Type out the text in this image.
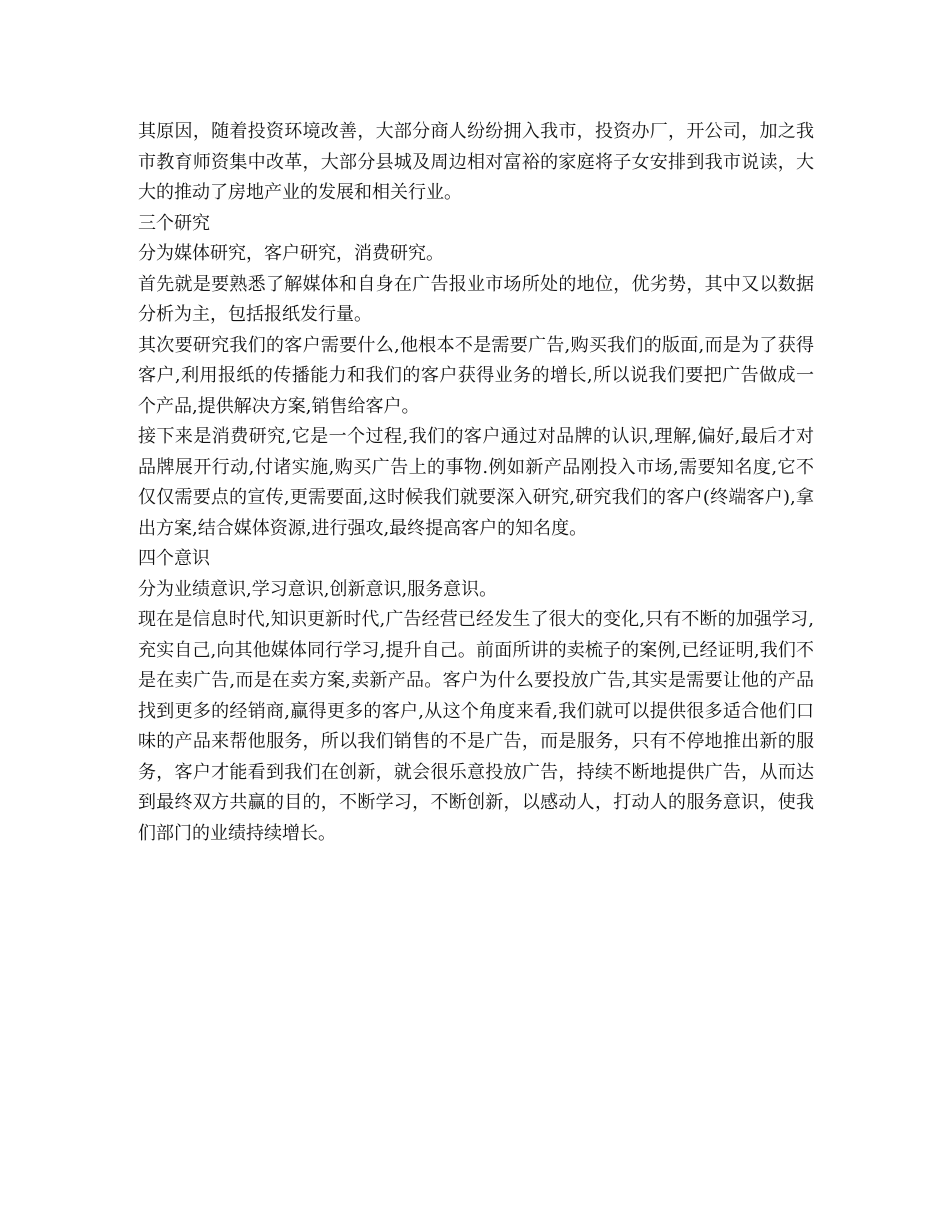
其原因，随着投资环境改善，大部分商人纷纷拥入我市，投资办厂，开公司，加之我市教育师资集中改革，大部分县城及周边相对富裕的家庭将子女安排到我市说读，大大的推动了房地产业的发展和相关行业。

三个研究

分为媒体研究，客户研究，消费研究。

首先就是要熟悉了解媒体和自身在广告报业市场所处的地位，优劣势，其中又以数据分析为主，包括报纸发行量。

其次要研究我们的客户需要什么,他根本不是需要广告,购买我们的版面,而是为了获得客户,利用报纸的传播能力和我们的客户获得业务的增长,所以说我们要把广告做成一个产品,提供解决方案,销售给客户。

接下来是消费研究,它是一个过程,我们的客户通过对品牌的认识,理解,偏好,最后才对品牌展开行动,付诸实施,购买广告上的事物.例如新产品刚投入市场,需要知名度,它不仅仅需要点的宣传,更需要面,这时候我们就要深入研究,研究我们的客户(终端客户),拿出方案,结合媒体资源,进行强攻,最终提高客户的知名度。

四个意识

分为业绩意识,学习意识,创新意识,服务意识。

现在是信息时代,知识更新时代,广告经营已经发生了很大的变化,只有不断的加强学习,充实自己,向其他媒体同行学习,提升自己。前面所讲的卖梳子的案例,已经证明,我们不是在卖广告,而是在卖方案,卖新产品。客户为什么要投放广告,其实是需要让他的产品找到更多的经销商,赢得更多的客户,从这个角度来看,我们就可以提供很多适合他们口味的产品来帮他服务，所以我们销售的不是广告，而是服务，只有不停地推出新的服务，客户才能看到我们在创新，就会很乐意投放广告，持续不断地提供广告，从而达到最终双方共赢的目的，不断学习，不断创新，以感动人，打动人的服务意识，使我们部门的业绩持续增长。
